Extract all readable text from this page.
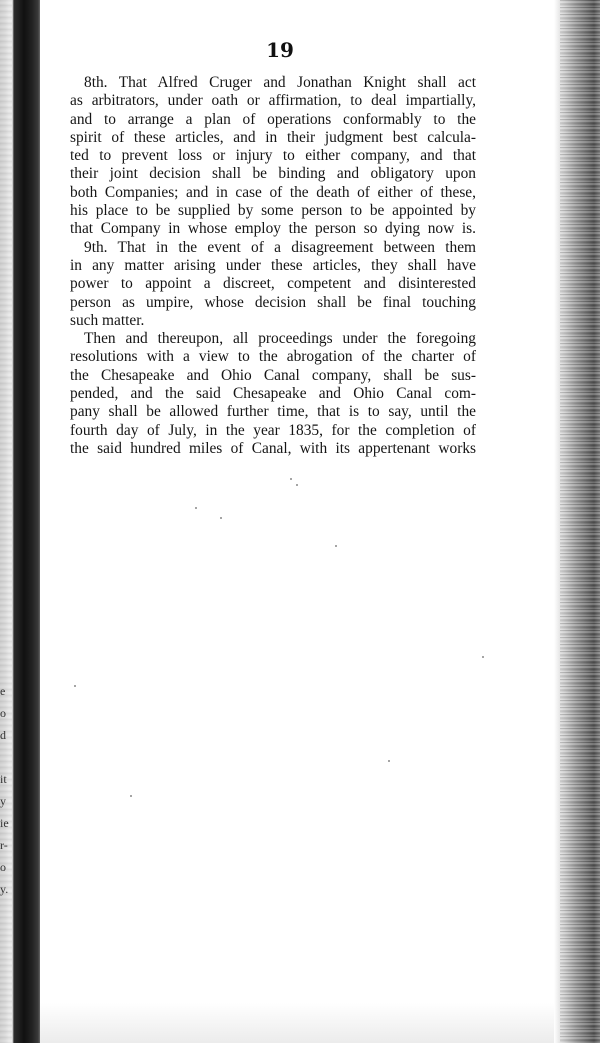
e
o
d

it
y
ie
r-
o
y.
19
8th. That Alfred Cruger and Jonathan Knight shall act
as arbitrators, under oath or affirmation, to deal impartially,
and to arrange a plan of operations conformably to the
spirit of these articles, and in their judgment best calcula-
ted to prevent loss or injury to either company, and that
their joint decision shall be binding and obligatory upon
both Companies; and in case of the death of either of these,
his place to be supplied by some person to be appointed by
that Company in whose employ the person so dying now is.
9th. That in the event of a disagreement between them
in any matter arising under these articles, they shall have
power to appoint a discreet, competent and disinterested
person as umpire, whose decision shall be final touching
such matter.
Then and thereupon, all proceedings under the foregoing
resolutions with a view to the abrogation of the charter of
the Chesapeake and Ohio Canal company, shall be sus-
pended, and the said Chesapeake and Ohio Canal com-
pany shall be allowed further time, that is to say, until the
fourth day of July, in the year 1835, for the completion of
the said hundred miles of Canal, with its appertenant works
